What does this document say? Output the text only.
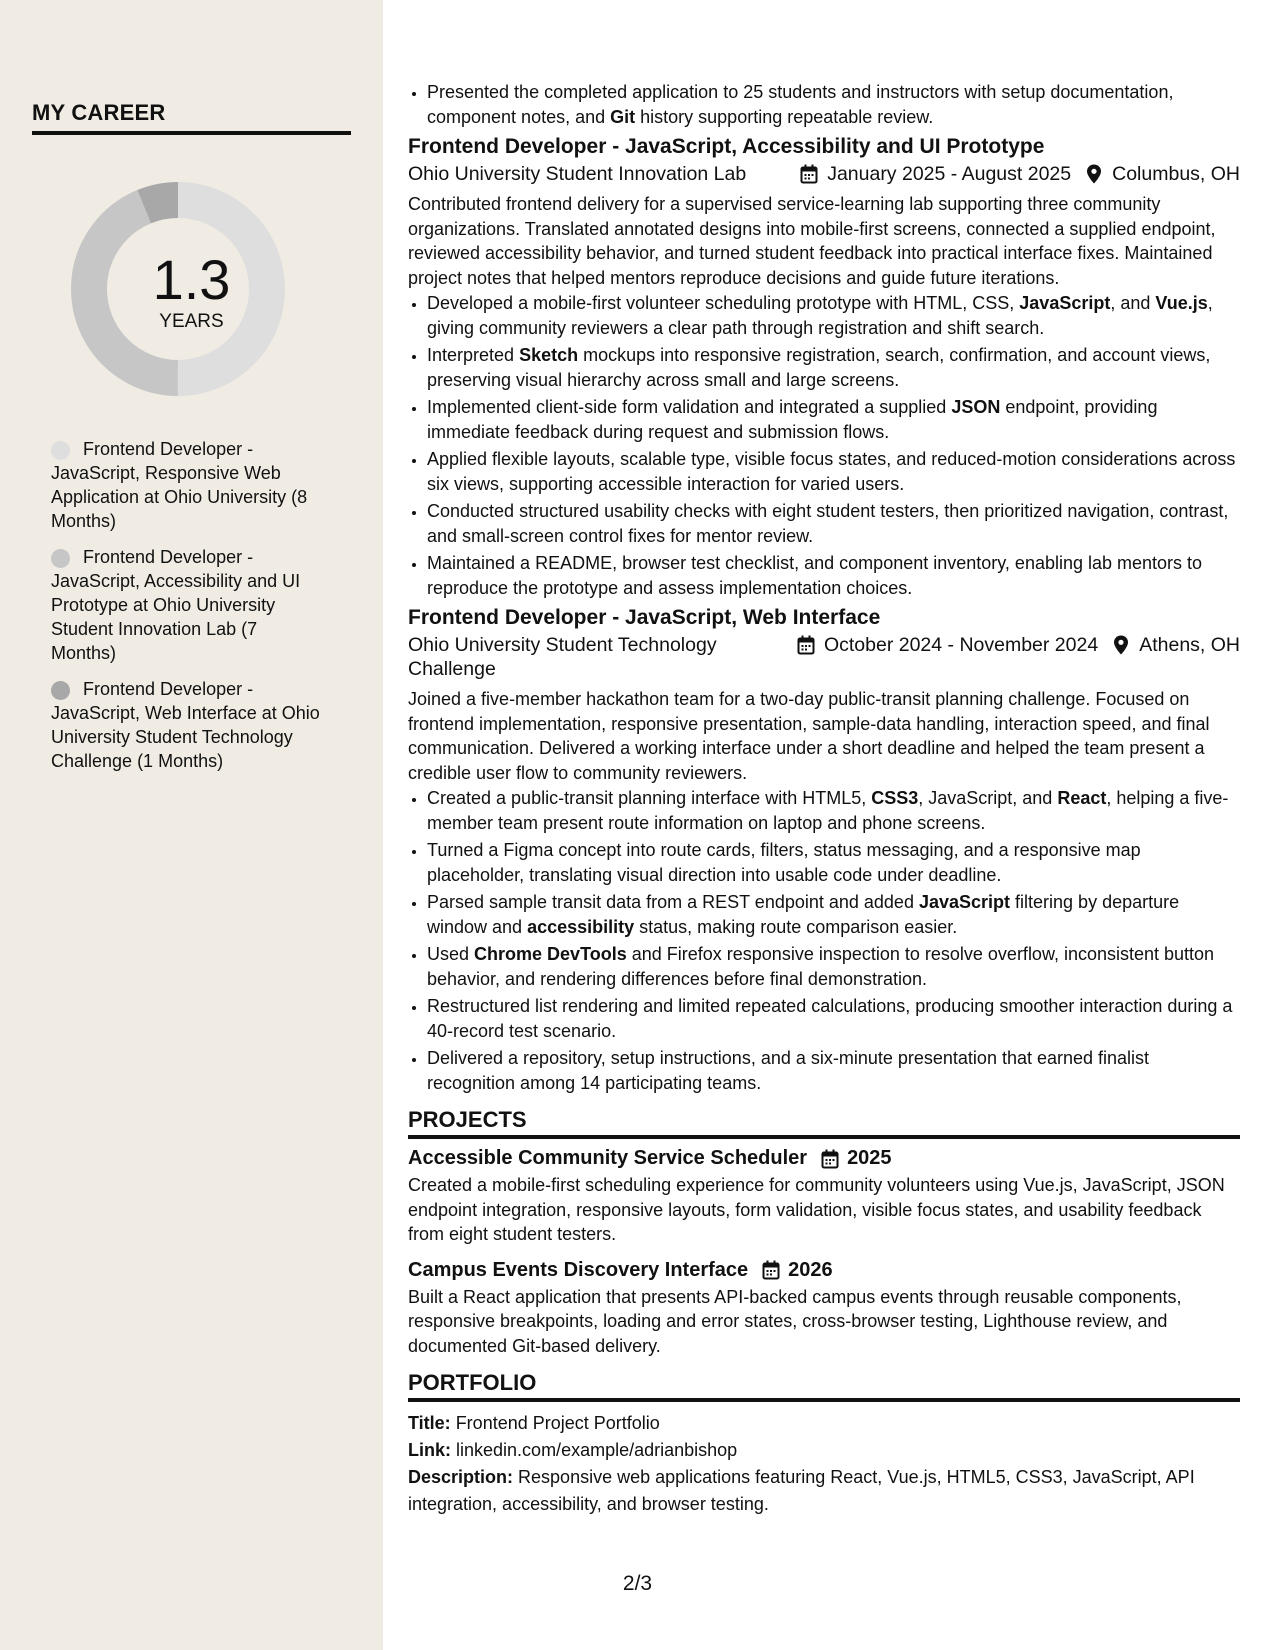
MY CAREER
1.3
YEARS
Frontend Developer - JavaScript, Responsive Web Application at Ohio University (8 Months)
Frontend Developer - JavaScript, Accessibility and UI Prototype at Ohio University Student Innovation Lab (7 Months)
Frontend Developer - JavaScript, Web Interface at Ohio University Student Technology Challenge (1 Months)
• Presented the completed application to 25 students and instructors with setup documentation, component notes, and Git history supporting repeatable review.
Frontend Developer - JavaScript, Accessibility and UI Prototype
Ohio University Student Innovation Lab	January 2025 - August 2025 Columbus, OH

Contributed frontend delivery for a supervised service-learning lab supporting three community organizations. Translated annotated designs into mobile-first screens, connected a supplied endpoint, reviewed accessibility behavior, and turned student feedback into practical interface fixes. Maintained project notes that helped mentors reproduce decisions and guide future iterations.

• Developed a mobile-first volunteer scheduling prototype with HTML, CSS, JavaScript, and Vue.js, giving community reviewers a clear path through registration and shift search.
• Interpreted Sketch mockups into responsive registration, search, confirmation, and account views, preserving visual hierarchy across small and large screens.
• Implemented client-side form validation and integrated a supplied JSON endpoint, providing immediate feedback during request and submission flows.
• Applied flexible layouts, scalable type, visible focus states, and reduced-motion considerations across six views, supporting accessible interaction for varied users.
• Conducted structured usability checks with eight student testers, then prioritized navigation, contrast, and small-screen control fixes for mentor review.
• Maintained a README, browser test checklist, and component inventory, enabling lab mentors to reproduce the prototype and assess implementation choices.
Frontend Developer - JavaScript, Web Interface
Ohio University Student Technology Challenge
October 2024 - November 2024 Athens, OH

Joined a five-member hackathon team for a two-day public-transit planning challenge. Focused on frontend implementation, responsive presentation, sample-data handling, interaction speed, and final communication. Delivered a working interface under a short deadline and helped the team present a credible user flow to community reviewers.

• Created a public-transit planning interface with HTML5, CSS3, JavaScript, and React, helping a five-member team present route information on laptop and phone screens.
• Turned a Figma concept into route cards, filters, status messaging, and a responsive map placeholder, translating visual direction into usable code under deadline.
• Parsed sample transit data from a REST endpoint and added JavaScript filtering by departure window and accessibility status, making route comparison easier.
• Used Chrome DevTools and Firefox responsive inspection to resolve overflow, inconsistent button behavior, and rendering differences before final demonstration.
• Restructured list rendering and limited repeated calculations, producing smoother interaction during a 40-record test scenario.
• Delivered a repository, setup instructions, and a six-minute presentation that earned finalist recognition among 14 participating teams.
PROJECTS
Accessible Community Service Scheduler 2025

Created a mobile-first scheduling experience for community volunteers using Vue.js, JavaScript, JSON endpoint integration, responsive layouts, form validation, visible focus states, and usability feedback from eight student testers.

Campus Events Discovery Interface 2026

Built a React application that presents API-backed campus events through reusable components, responsive breakpoints, loading and error states, cross-browser testing, Lighthouse review, and documented Git-based delivery.

PORTFOLIO
Title: Frontend Project Portfolio
Link: linkedin.com/example/adrianbishop
Description: Responsive web applications featuring React, Vue.js, HTML5, CSS3, JavaScript, API integration, accessibility, and browser testing.
2/3
